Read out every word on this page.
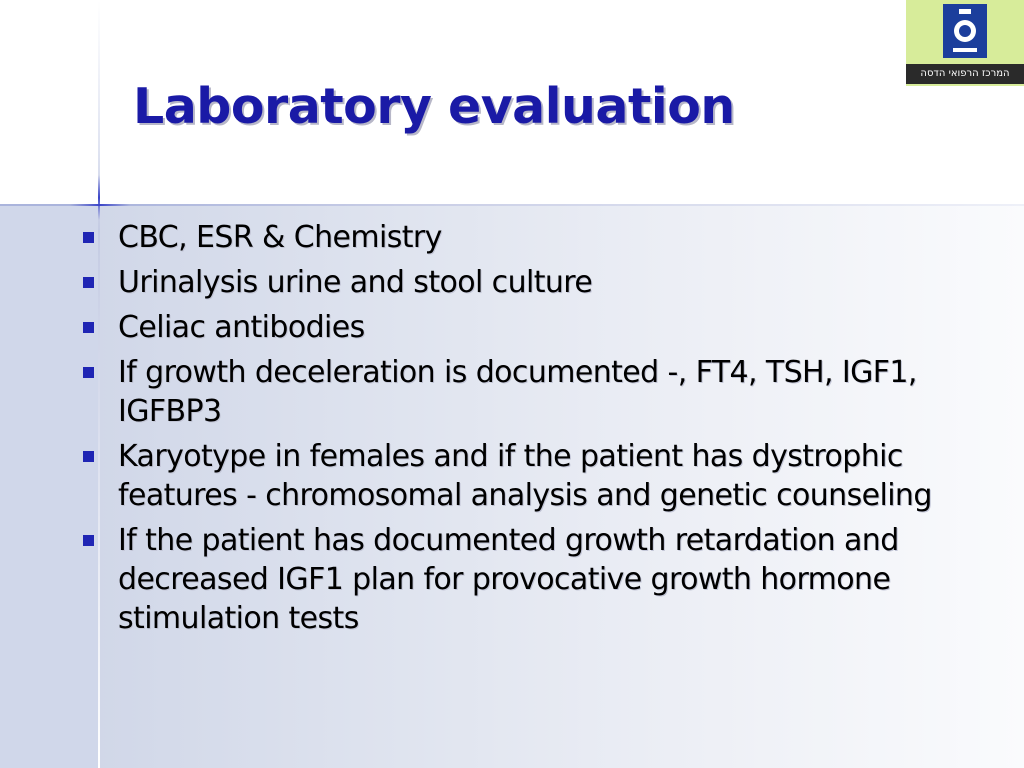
המרכז הרפואי הדסה
Laboratory evaluation
CBC, ESR & Chemistry
Urinalysis urine and stool culture
Celiac antibodies
If growth deceleration is documented -, FT4, TSH, IGF1, IGFBP3
Karyotype in females and if the patient has dystrophic features - chromosomal analysis and genetic counseling
If the patient has documented growth retardation and decreased IGF1 plan for provocative growth hormone stimulation tests
